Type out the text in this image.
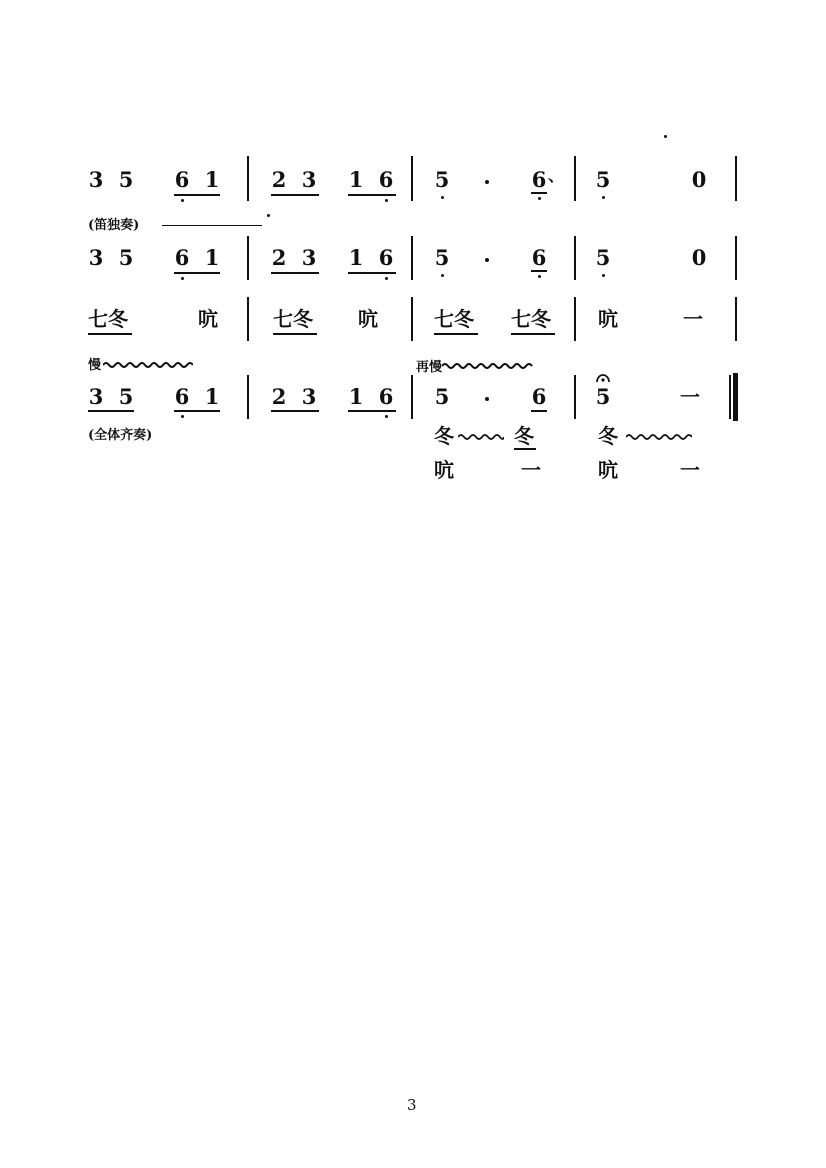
3 5 6 1 2 3 1 6 5	6 、 5	0
(笛独奏)
3 5 6 1 2 3 1 6 5	6 5	0
七冬	吭	七冬 吭	七冬 七冬 吭	一
慢	再慢
3 5 6 1 2 3 1 6 5	6 5	一
(全体齐奏)	冬	冬	冬
吭	一	吭	一
3
